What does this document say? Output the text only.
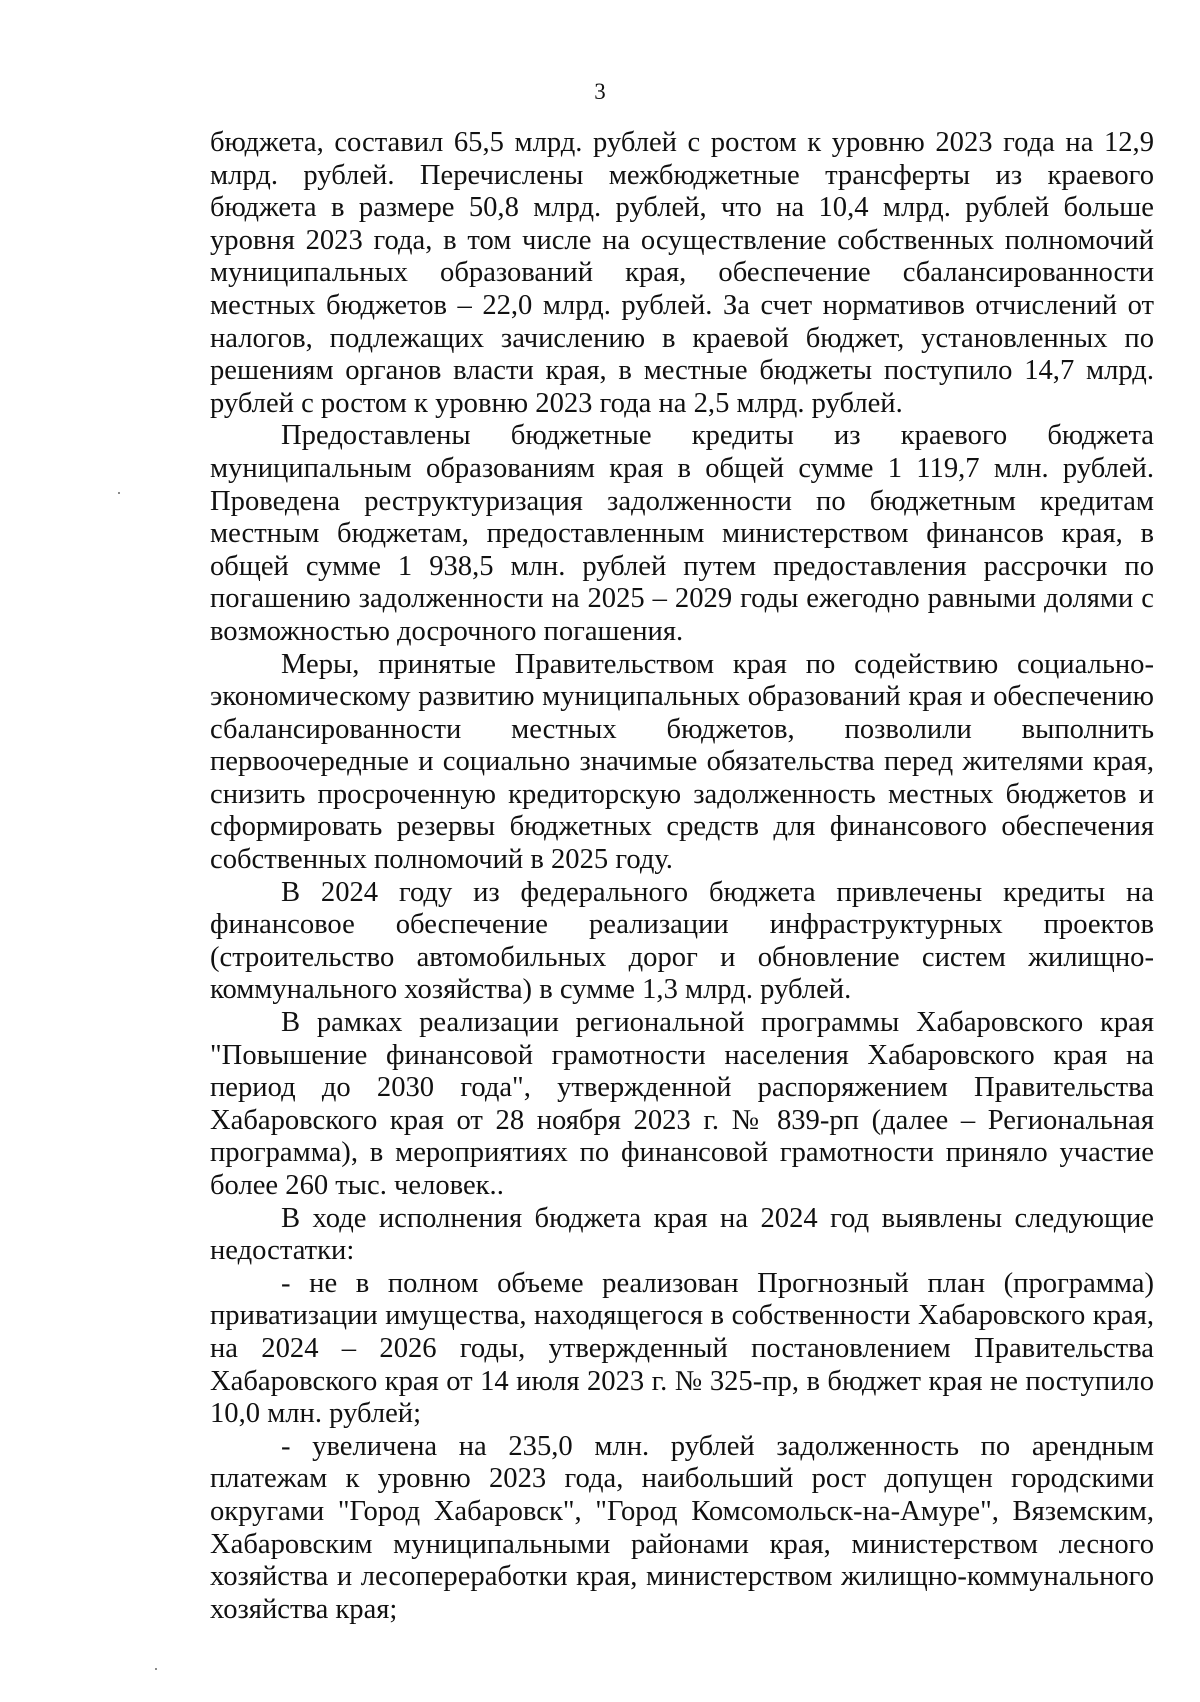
3

бюджета, составил 65,5 млрд. рублей с ростом к уровню 2023 года на 12,9 млрд. рублей. Перечислены межбюджетные трансферты из краевого бюджета в размере 50,8 млрд. рублей, что на 10,4 млрд. рублей больше уровня 2023 года, в том числе на осуществление собственных полномочий муниципальных образований края, обеспечение сбалансированности местных бюджетов – 22,0 млрд. рублей. За счет нормативов отчислений от налогов, подлежащих зачислению в краевой бюджет, установленных по решениям органов власти края, в местные бюджеты поступило 14,7 млрд. рублей с ростом к уровню 2023 года на 2,5 млрд. рублей.

Предоставлены бюджетные кредиты из краевого бюджета муниципальным образованиям края в общей сумме 1 119,7 млн. рублей. Проведена реструктуризация задолженности по бюджетным кредитам местным бюджетам, предоставленным министерством финансов края, в общей сумме 1 938,5 млн. рублей путем предоставления рассрочки по погашению задолженности на 2025 – 2029 годы ежегодно равными долями с возможностью досрочного погашения.

Меры, принятые Правительством края по содействию социально-экономическому развитию муниципальных образований края и обеспечению сбалансированности местных бюджетов, позволили выполнить первоочередные и социально значимые обязательства перед жителями края, снизить просроченную кредиторскую задолженность местных бюджетов и сформировать резервы бюджетных средств для финансового обеспечения собственных полномочий в 2025 году.

В 2024 году из федерального бюджета привлечены кредиты на финансовое обеспечение реализации инфраструктурных проектов (строительство автомобильных дорог и обновление систем жилищно-коммунального хозяйства) в сумме 1,3 млрд. рублей.

В рамках реализации региональной программы Хабаровского края "Повышение финансовой грамотности населения Хабаровского края на период до 2030 года", утвержденной распоряжением Правительства Хабаровского края от 28 ноября 2023 г. № 839-рп (далее – Региональная программа), в мероприятиях по финансовой грамотности приняло участие более 260 тыс. человек..

В ходе исполнения бюджета края на 2024 год выявлены следующие недостатки:

- не в полном объеме реализован Прогнозный план (программа) приватизации имущества, находящегося в собственности Хабаровского края, на 2024 – 2026 годы, утвержденный постановлением Правительства Хабаровского края от 14 июля 2023 г. № 325-пр, в бюджет края не поступило 10,0 млн. рублей;

- увеличена на 235,0 млн. рублей задолженность по арендным платежам к уровню 2023 года, наибольший рост допущен городскими округами "Город Хабаровск", "Город Комсомольск-на-Амуре", Вяземским, Хабаровским муниципальными районами края, министерством лесного хозяйства и лесопереработки края, министерством жилищно-коммунального хозяйства края;
